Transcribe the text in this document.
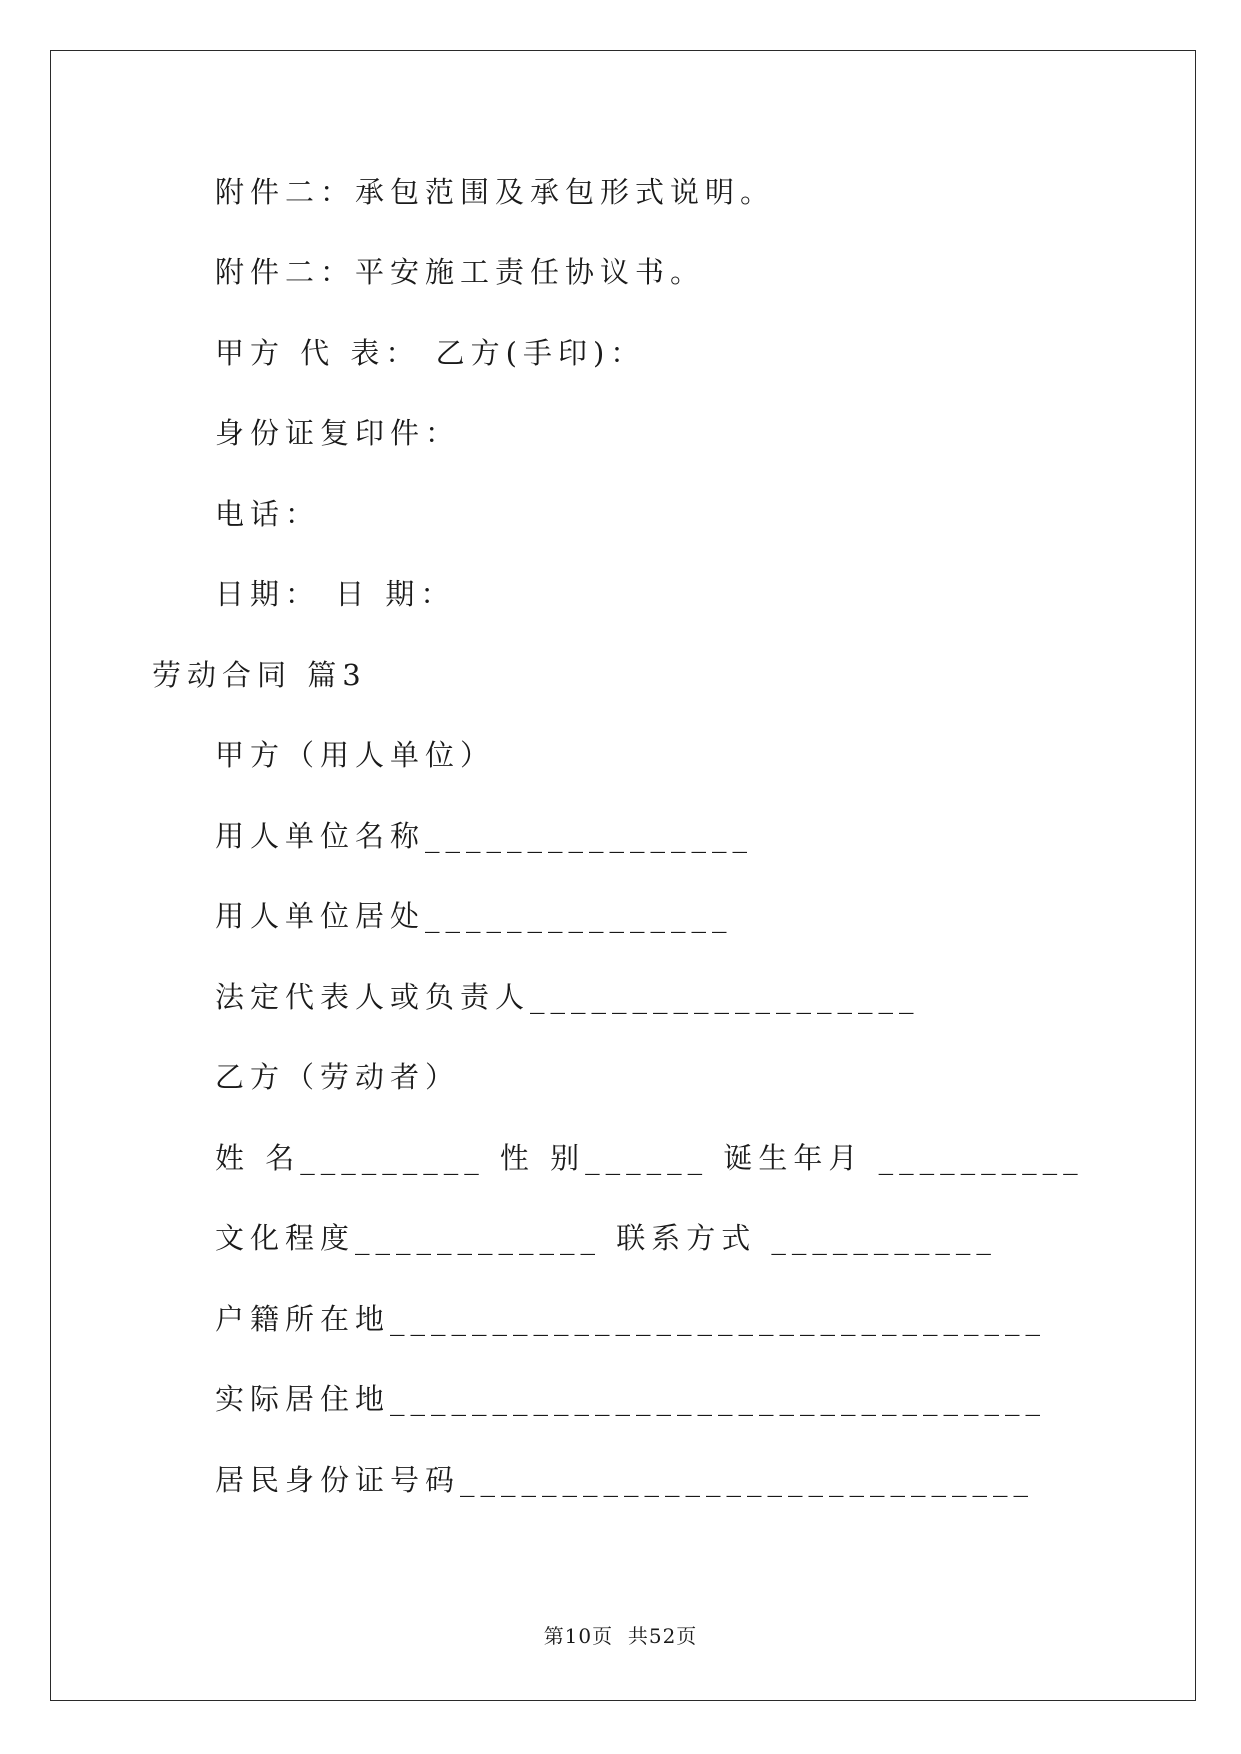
附件二：承包范围及承包形式说明。
附件二：平安施工责任协议书。
甲方 代 表： 乙方(手印)：
身份证复印件：
电话：
日期： 日 期：
劳动合同 篇3
甲方（用人单位）
用人单位名称________________
用人单位居处_______________
法定代表人或负责人___________________
乙方（劳动者）
姓 名_________ 性 别______ 诞生年月 __________
文化程度____________ 联系方式 ___________
户籍所在地________________________________
实际居住地________________________________
居民身份证号码____________________________
第10页  共52页
